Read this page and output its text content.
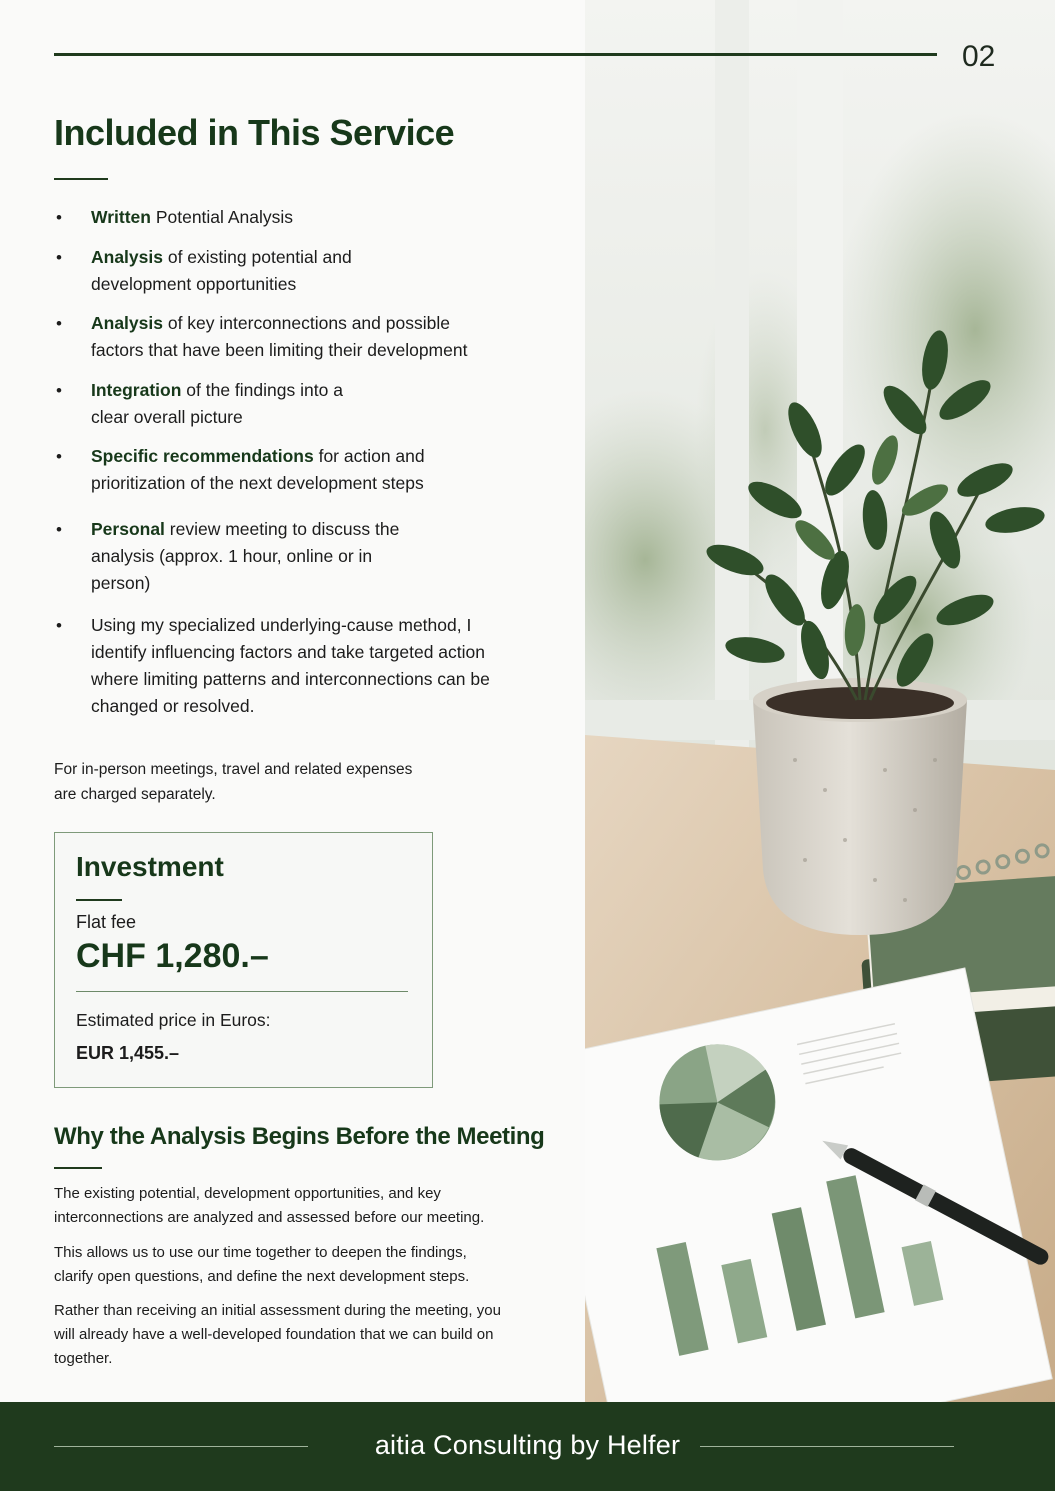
02
Included in This Service
• Written Potential Analysis
• Analysis of existing potential and development opportunities
• Analysis of key interconnections and possible factors that have been limiting their development
• Integration of the findings into a clear overall picture
• Specific recommendations for action and prioritization of the next development steps
• Personal review meeting to discuss the analysis (approx. 1 hour, online or in person)
• Using my specialized underlying-cause method, I identify influencing factors and take targeted action where limiting patterns and interconnections can be changed or resolved.
For in-person meetings, travel and related expenses are charged separately.
Investment
Flat fee
CHF 1,280.–
Estimated price in Euros:
EUR 1,455.–
Why the Analysis Begins Before the Meeting

The existing potential, development opportunities, and key interconnections are analyzed and assessed before our meeting.

This allows us to use our time together to deepen the findings, clarify open questions, and define the next development steps.

Rather than receiving an initial assessment during the meeting, you will already have a well-developed foundation that we can build on together.

aitia Consulting by Helfer
